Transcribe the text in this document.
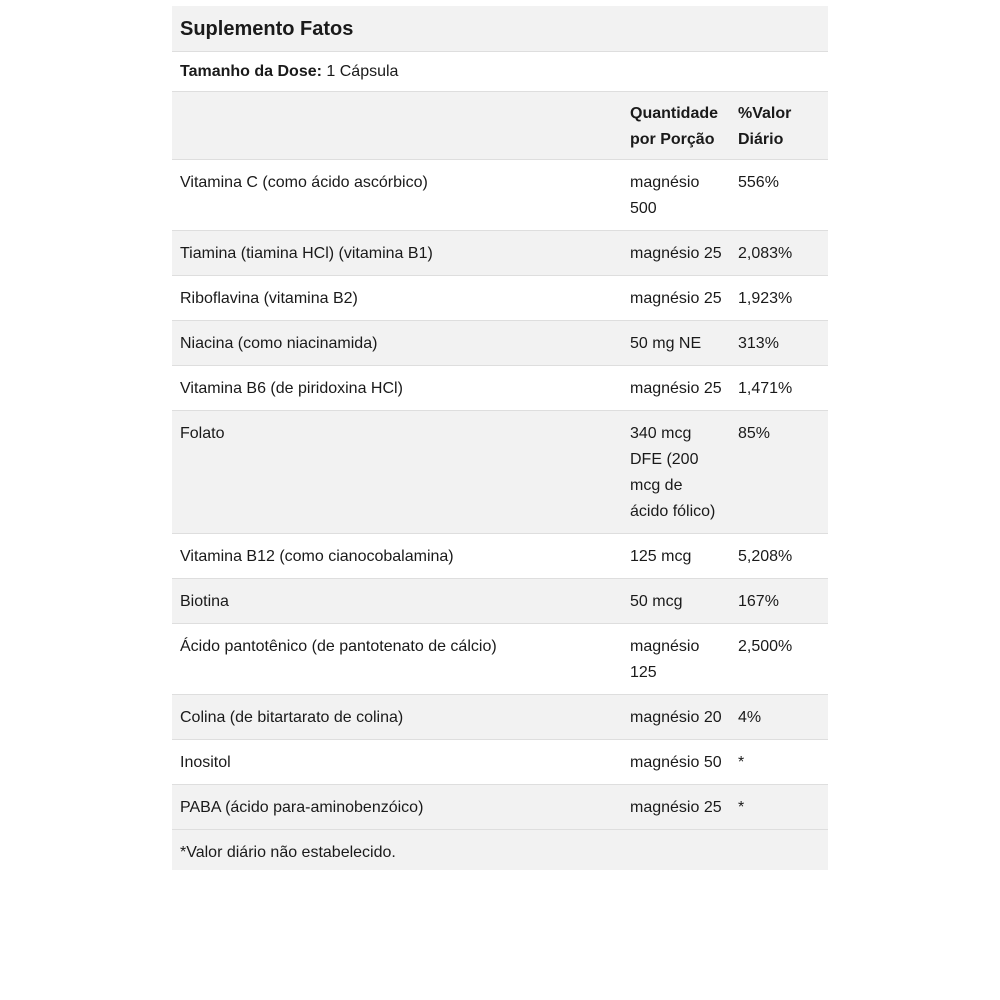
Suplemento Fatos
Tamanho da Dose: 1 Cápsula
	Quantidade por Porção	%Valor Diário
Vitamina C (como ácido ascórbico)	magnésio 500	556%
Tiamina (tiamina HCl) (vitamina B1)	magnésio 25	2,083%
Riboflavina (vitamina B2)	magnésio 25	1,923%
Niacina (como niacinamida)	50 mg NE	313%
Vitamina B6 (de piridoxina HCl)	magnésio 25	1,471%
Folato	340 mcg DFE (200 mcg de ácido fólico)	85%
Vitamina B12 (como cianocobalamina)	125 mcg	5,208%
Biotina	50 mcg	167%
Ácido pantotênico (de pantotenato de cálcio)	magnésio 125	2,500%
Colina (de bitartarato de colina)	magnésio 20	4%
Inositol	magnésio 50	*
PABA (ácido para-aminobenzóico)	magnésio 25	*
*Valor diário não estabelecido.
